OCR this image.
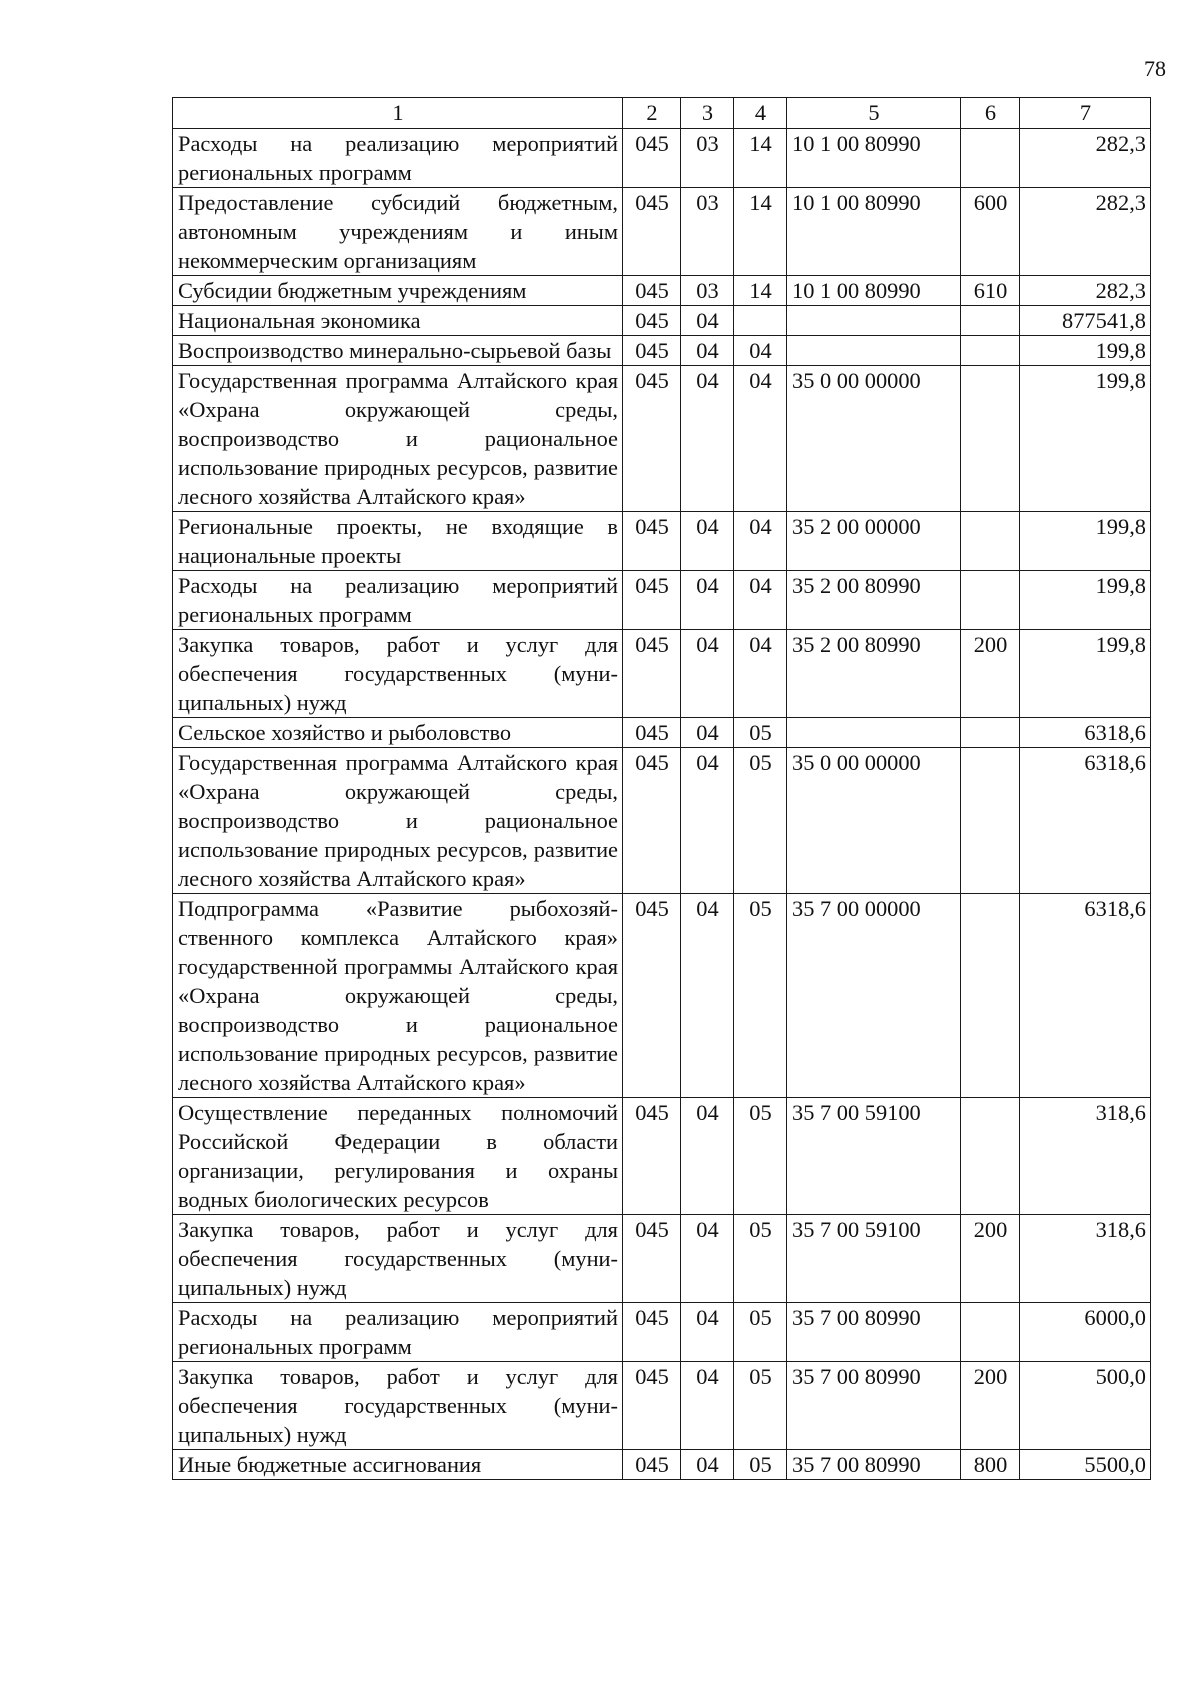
78
1	2	3	4	5	6	7
Расходы на реализацию мероприятий региональных программ	045	03	14	10 1 00 80990		282,3
Предоставление субсидий бюджетным, автономным учреждениям и иным некоммерческим организациям	045	03	14	10 1 00 80990	600	282,3
Субсидии бюджетным учреждениям	045	03	14	10 1 00 80990	610	282,3
Национальная экономика	045	04				877541,8
Воспроизводство минерально-сырьевой базы	045	04	04			199,8
Государственная программа Алтайского края «Охрана окружающей среды, воспроизводство и рациональное использование природных ресурсов, развитие лесного хозяйства Алтайского края»	045	04	04	35 0 00 00000		199,8
Региональные проекты, не входящие в национальные проекты	045	04	04	35 2 00 00000		199,8
Расходы на реализацию мероприятий региональных программ	045	04	04	35 2 00 80990		199,8
Закупка товаров, работ и услуг для обеспечения государственных (муниципальных) нужд	045	04	04	35 2 00 80990	200	199,8
Сельское хозяйство и рыболовство	045	04	05			6318,6
Государственная программа Алтайского края «Охрана окружающей среды, воспроизводство и рациональное использование природных ресурсов, развитие лесного хозяйства Алтайского края»	045	04	05	35 0 00 00000		6318,6
Подпрограмма «Развитие рыбохозяйственного комплекса Алтайского края» государственной программы Алтайского края «Охрана окружающей среды, воспроизводство и рациональное использование природных ресурсов, развитие лесного хозяйства Алтайского края»	045	04	05	35 7 00 00000		6318,6
Осуществление переданных полномочий Российской Федерации в области организации, регулирования и охраны водных биологических ресурсов	045	04	05	35 7 00 59100		318,6
Закупка товаров, работ и услуг для обеспечения государственных (муниципальных) нужд	045	04	05	35 7 00 59100	200	318,6
Расходы на реализацию мероприятий региональных программ	045	04	05	35 7 00 80990		6000,0
Закупка товаров, работ и услуг для обеспечения государственных (муниципальных) нужд	045	04	05	35 7 00 80990	200	500,0
Иные бюджетные ассигнования	045	04	05	35 7 00 80990	800	5500,0
